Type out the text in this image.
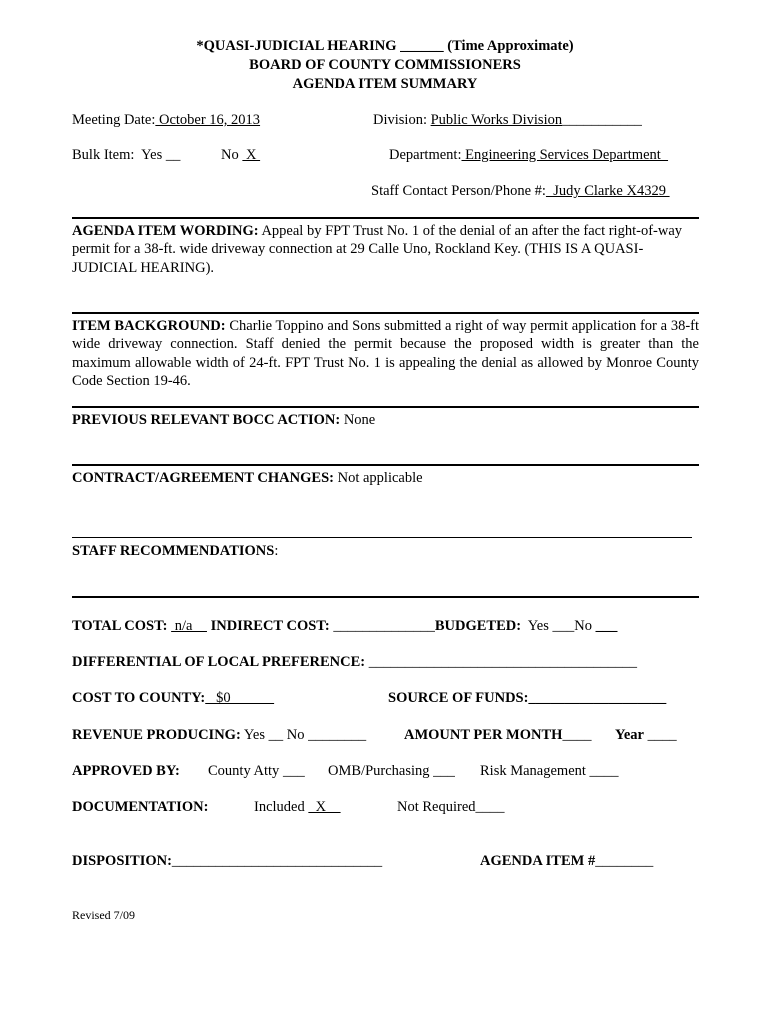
*QUASI-JUDICIAL HEARING ______ (Time Approximate)
BOARD OF COUNTY COMMISSIONERS
AGENDA ITEM SUMMARY
Meeting Date: October 16, 2013	Division: Public Works Division___________
Bulk Item: Yes __	No  X	Department: Engineering Services Department
Staff Contact Person/Phone #:  Judy Clarke X4329
AGENDA ITEM WORDING: Appeal by FPT Trust No. 1 of the denial of an after the fact right-of-way permit for a 38-ft. wide driveway connection at 29 Calle Uno, Rockland Key. (THIS IS A QUASI-JUDICIAL HEARING).
ITEM BACKGROUND: Charlie Toppino and Sons submitted a right of way permit application for a 38-ft wide driveway connection. Staff denied the permit because the proposed width is greater than the maximum allowable width of 24-ft. FPT Trust No. 1 is appealing the denial as allowed by Monroe County Code Section 19-46.
PREVIOUS RELEVANT BOCC ACTION: None
CONTRACT/AGREEMENT CHANGES: Not applicable
STAFF RECOMMENDATIONS:
TOTAL COST:  n/a     INDIRECT COST: ______________BUDGETED: Yes ___No ___
DIFFERENTIAL OF LOCAL PREFERENCE: _____________________________________
COST TO COUNTY:   $0	SOURCE OF FUNDS:___________________
REVENUE PRODUCING: Yes __ No ________	AMOUNT PER MONTH____ Year ____
APPROVED BY: County Atty ___ OMB/Purchasing ___ Risk Management ____
DOCUMENTATION:	Included   X	Not Required____
DISPOSITION:_____________________________	AGENDA ITEM #________
Revised 7/09
